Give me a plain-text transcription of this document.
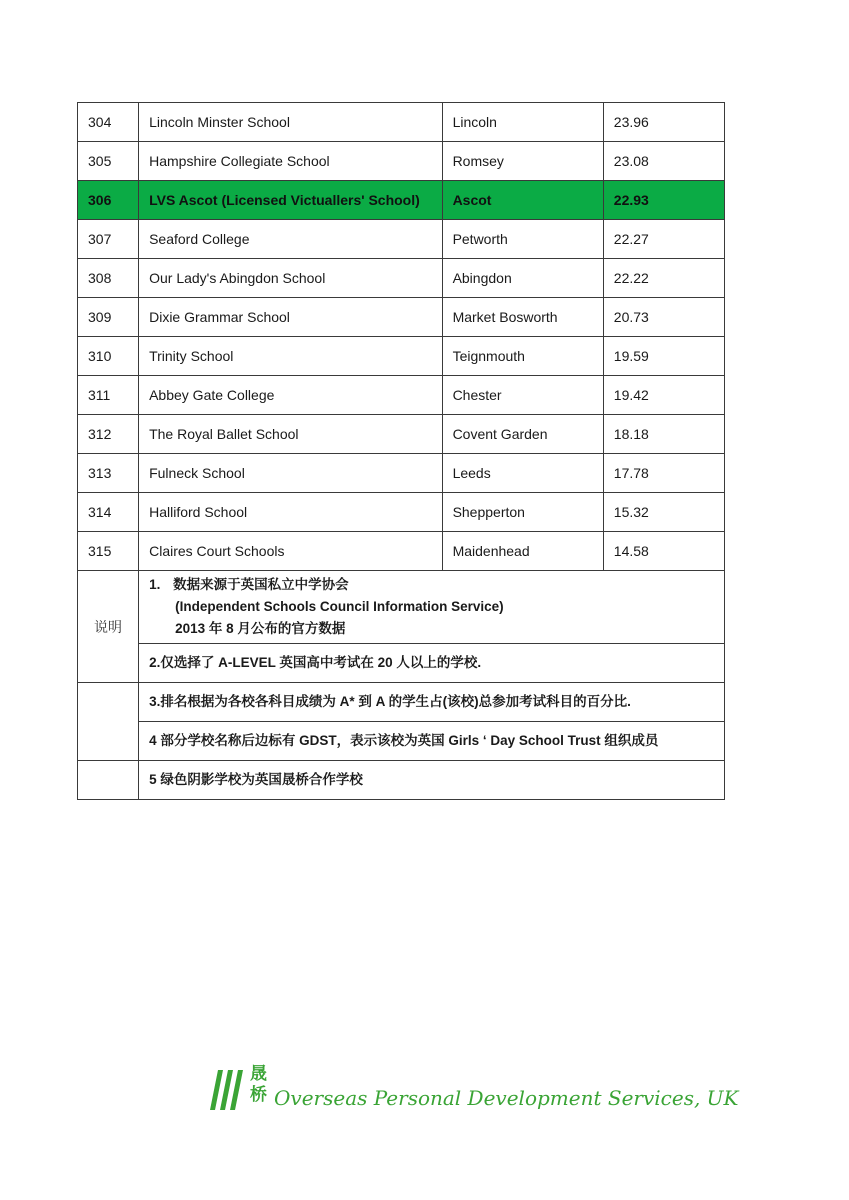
304	Lincoln Minster School	Lincoln	23.96
305	Hampshire Collegiate School	Romsey	23.08
306	LVS Ascot (Licensed Victuallers' School)	Ascot	22.93
307	Seaford College	Petworth	22.27
308	Our Lady's Abingdon School	Abingdon	22.22
309	Dixie Grammar School	Market Bosworth	20.73
310	Trinity School	Teignmouth	19.59
311	Abbey Gate College	Chester	19.42
312	The Royal Ballet School	Covent Garden	18.18
313	Fulneck School	Leeds	17.78
314	Halliford School	Shepperton	15.32
315	Claires Court Schools	Maidenhead	14.58
说明	1. 数据来源于英国私立中学协会
(Independent Schools Council Information Service)
2013 年 8 月公布的官方数据		

	2.仅选择了 A-LEVEL 英国高中考试在 20 人以上的学校.		
	3.排名根据为各校各科目成绩为 A* 到 A 的学生占(该校)总参加考试科目的百分比.		
	4 部分学校名称后边标有 GDST，表示该校为英国 Girls ‘ Day School Trust 组织成员		
	5 绿色阴影学校为英国晟桥合作学校		
晟
桥 Overseas Personal Development Services, UK
